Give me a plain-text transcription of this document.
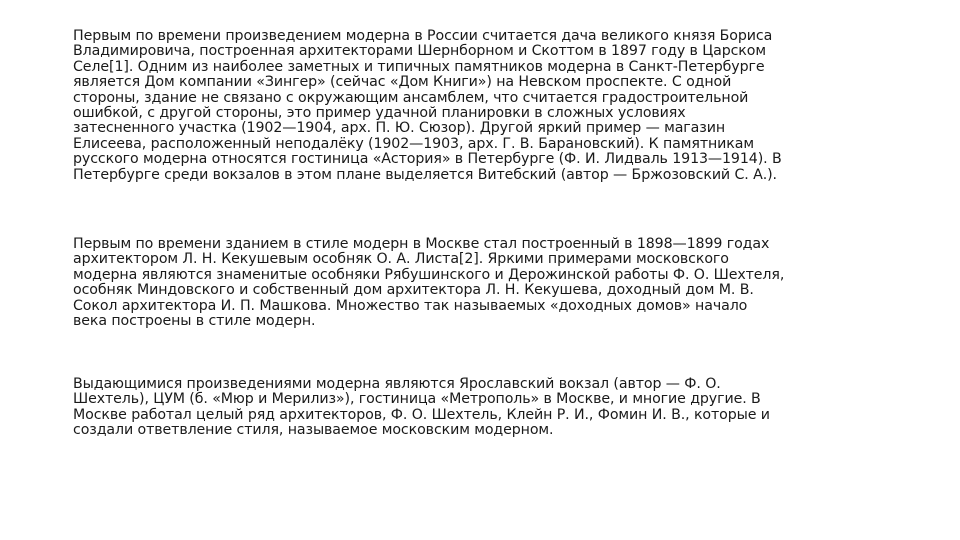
Первым по времени произведением модерна в России считается дача великого князя Бориса
Владимировича, построенная архитекторами Шернборном и Скоттом в 1897 году в Царском
Селе[1]. Одним из наиболее заметных и типичных памятников модерна в Санкт-Петербурге
является Дом компании «Зингер» (сейчас «Дом Книги») на Невском проспекте. С одной
стороны, здание не связано с окружающим ансамблем, что считается градостроительной
ошибкой, с другой стороны, это пример удачной планировки в сложных условиях
затесненного участка (1902—1904, арх. П. Ю. Сюзор). Другой яркий пример — магазин
Елисеева, расположенный неподалёку (1902—1903, арх. Г. В. Барановский). К памятникам
русского модерна относятся гостиница «Астория» в Петербурге (Ф. И. Лидваль 1913—1914). В
Петербурге среди вокзалов в этом плане выделяется Витебский (автор — Бржозовский С. А.).

Первым по времени зданием в стиле модерн в Москве стал построенный в 1898—1899 годах
архитектором Л. Н. Кекушевым особняк О. А. Листа[2]. Яркими примерами московского
модерна являются знаменитые особняки Рябушинского и Дерожинской работы Ф. О. Шехтеля,
особняк Миндовского и собственный дом архитектора Л. Н. Кекушева, доходный дом М. В.
Сокол архитектора И. П. Машкова. Множество так называемых «доходных домов» начало
века построены в стиле модерн.

Выдающимися произведениями модерна являются Ярославский вокзал (автор — Ф. О.
Шехтель), ЦУМ (б. «Мюр и Мерилиз»), гостиница «Метрополь» в Москве, и многие другие. В
Москве работал целый ряд архитекторов, Ф. О. Шехтель, Клейн Р. И., Фомин И. В., которые и
создали ответвление стиля, называемое московским модерном.
